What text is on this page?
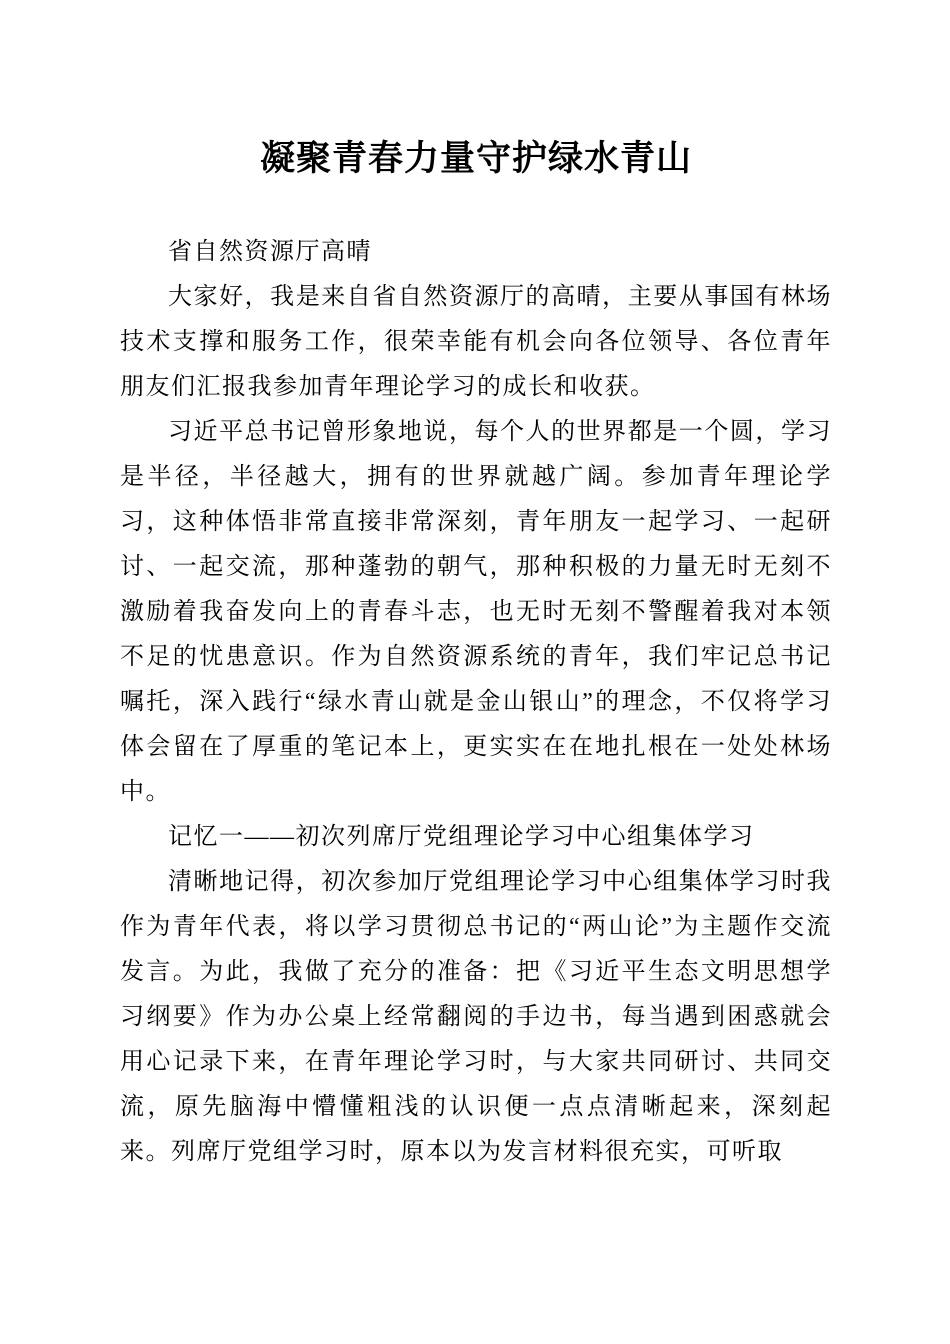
凝聚青春力量守护绿水青山

省自然资源厅高晴

大家好，我是来自省自然资源厅的高晴，主要从事国有林场技术支撑和服务工作，很荣幸能有机会向各位领导、各位青年朋友们汇报我参加青年理论学习的成长和收获。

习近平总书记曾形象地说，每个人的世界都是一个圆，学习是半径，半径越大，拥有的世界就越广阔。参加青年理论学习，这种体悟非常直接非常深刻，青年朋友一起学习、一起研讨、一起交流，那种蓬勃的朝气，那种积极的力量无时无刻不激励着我奋发向上的青春斗志，也无时无刻不警醒着我对本领不足的忧患意识。作为自然资源系统的青年，我们牢记总书记嘱托，深入践行“绿水青山就是金山银山”的理念，不仅将学习体会留在了厚重的笔记本上，更实实在在地扎根在一处处林场中。

记忆一——初次列席厅党组理论学习中心组集体学习

清晰地记得，初次参加厅党组理论学习中心组集体学习时我作为青年代表，将以学习贯彻总书记的“两山论”为主题作交流发言。为此，我做了充分的准备：把《习近平生态文明思想学习纲要》作为办公桌上经常翻阅的手边书，每当遇到困惑就会用心记录下来，在青年理论学习时，与大家共同研讨、共同交流，原先脑海中懵懂粗浅的认识便一点点清晰起来，深刻起来。列席厅党组学习时，原本以为发言材料很充实，可听取
